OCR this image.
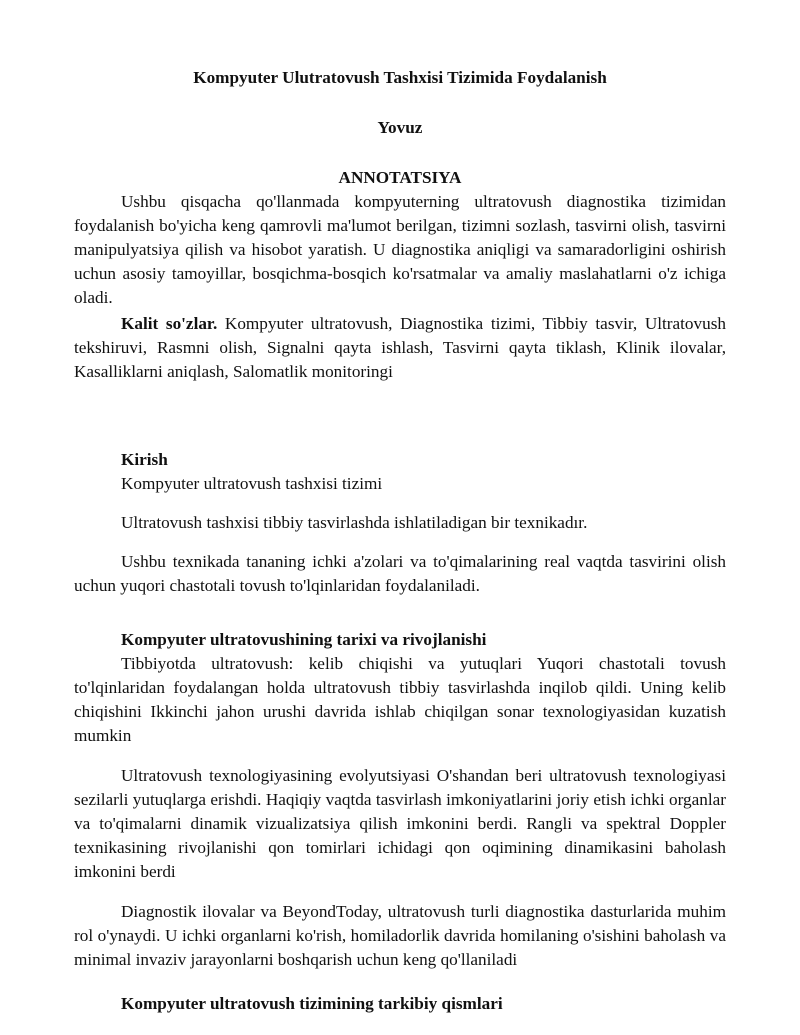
Kompyuter Ulutratovush Tashxisi Tizimida Foydalanish
Yovuz
ANNOTATSIYA

Ushbu qisqacha qo'llanmada kompyuterning ultratovush diagnostika tizimidan foydalanish bo'yicha keng qamrovli ma'lumot berilgan, tizimni sozlash, tasvirni olish, tasvirni manipulyatsiya qilish va hisobot yaratish. U diagnostika aniqligi va samaradorligini oshirish uchun asosiy tamoyillar, bosqichma-bosqich ko'rsatmalar va amaliy maslahatlarni o'z ichiga oladi.

Kalit so'zlar. Kompyuter ultratovush, Diagnostika tizimi, Tibbiy tasvir, Ultratovush tekshiruvi, Rasmni olish, Signalni qayta ishlash, Tasvirni qayta tiklash, Klinik ilovalar, Kasalliklarni aniqlash, Salomatlik monitoringi

Kirish
Kompyuter ultratovush tashxisi tizimi

Ultratovush tashxisi tibbiy tasvirlashda ishlatiladigan bir texnikadır.

Ushbu texnikada tananing ichki a'zolari va to'qimalarining real vaqtda tasvirini olish uchun yuqori chastotali tovush to'lqinlaridan foydalaniladi.

Kompyuter ultratovushining tarixi va rivojlanishi

Tibbiyotda ultratovush: kelib chiqishi va yutuqlari Yuqori chastotali tovush to'lqinlaridan foydalangan holda ultratovush tibbiy tasvirlashda inqilob qildi. Uning kelib chiqishini Ikkinchi jahon urushi davrida ishlab chiqilgan sonar texnologiyasidan kuzatish mumkin

Ultratovush texnologiyasining evolyutsiyasi O'shandan beri ultratovush texnologiyasi sezilarli yutuqlarga erishdi. Haqiqiy vaqtda tasvirlash imkoniyatlarini joriy etish ichki organlar va to'qimalarni dinamik vizualizatsiya qilish imkonini berdi. Rangli va spektral Doppler texnikasining rivojlanishi qon tomirlari ichidagi qon oqimining dinamikasini baholash imkonini berdi

Diagnostik ilovalar va BeyondToday, ultratovush turli diagnostika dasturlarida muhim rol o'ynaydi. U ichki organlarni ko'rish, homiladorlik davrida homilaning o'sishini baholash va minimal invaziv jarayonlarni boshqarish uchun keng qo'llaniladi

Kompyuter ultratovush tizimining tarkibiy qismlari
